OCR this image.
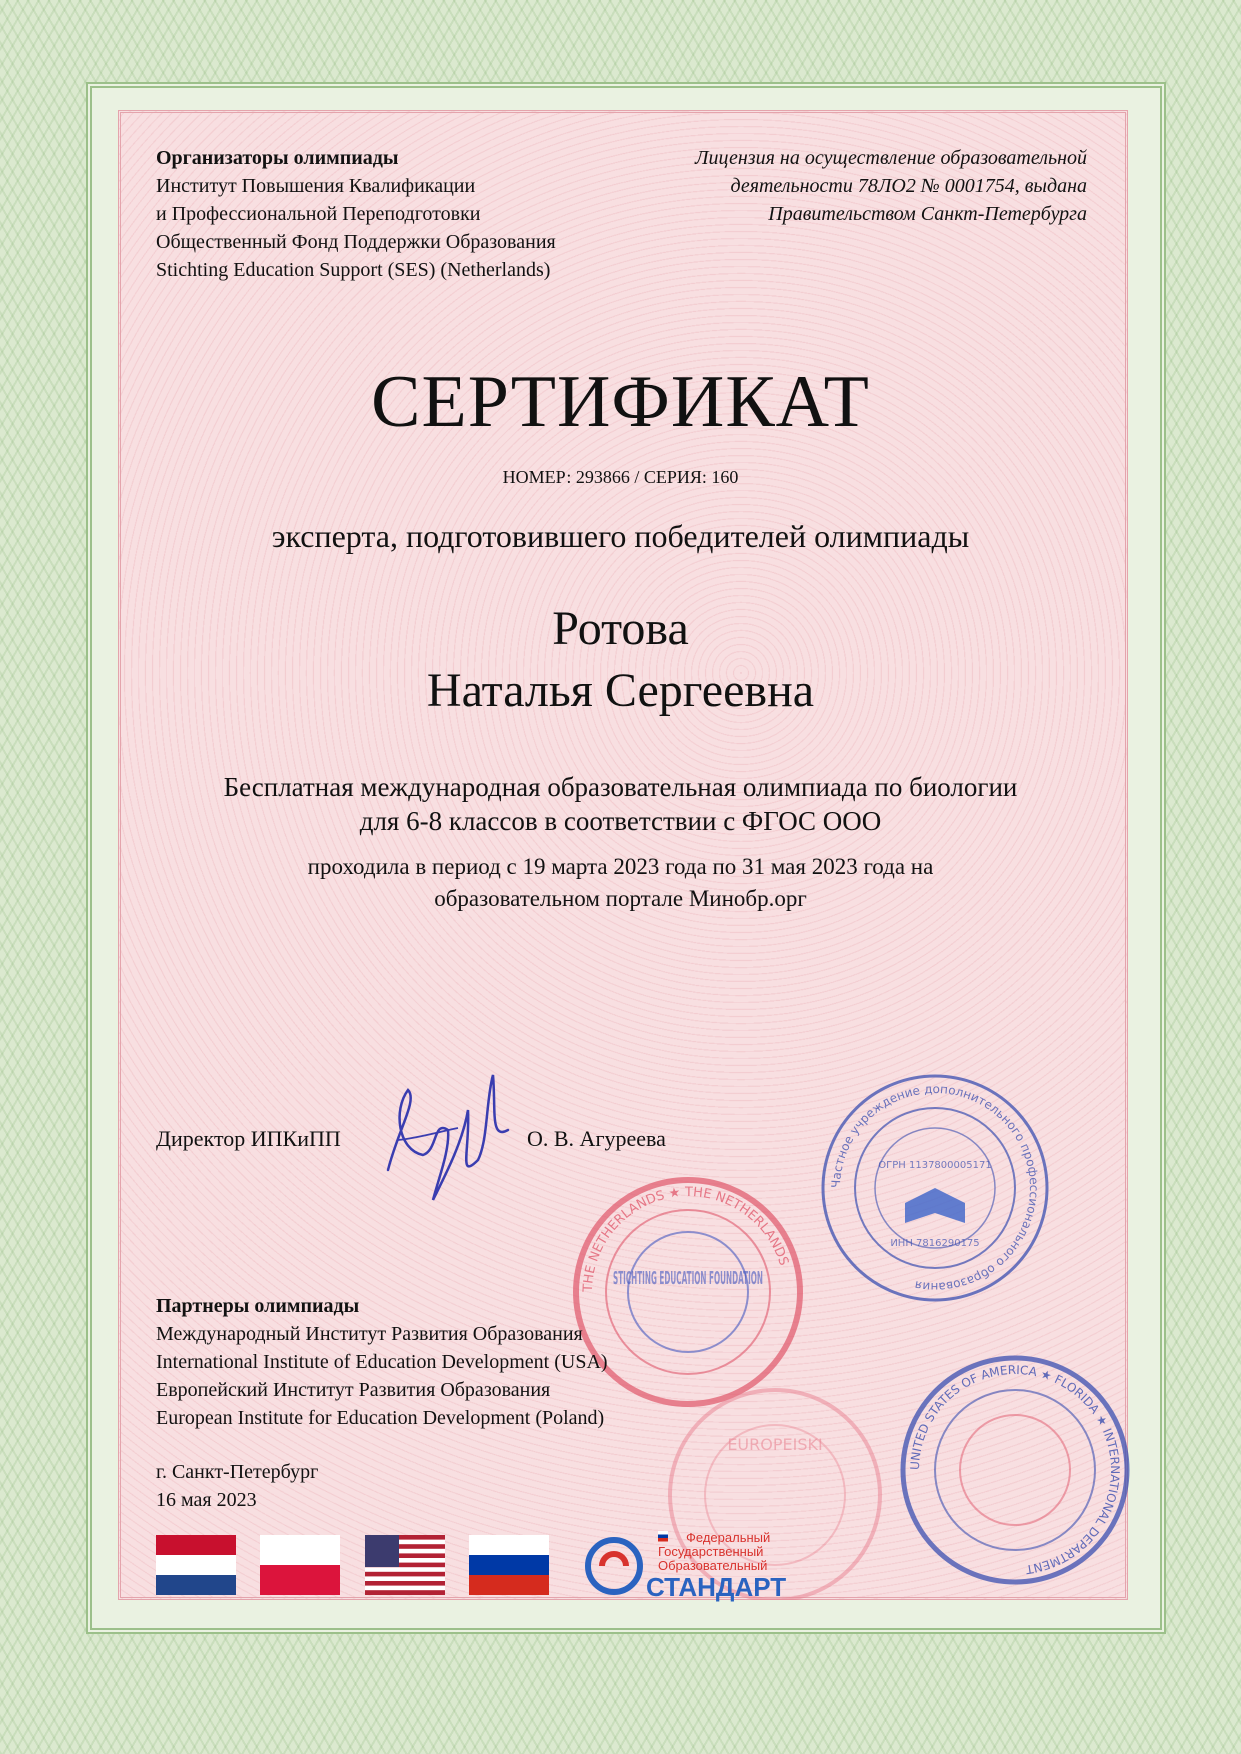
Организаторы олимпиады
Институт Повышения Квалификации
и Профессиональной Переподготовки
Общественный Фонд Поддержки Образования
Stichting Education Support (SES) (Netherlands)
Лицензия на осуществление образовательной
деятельности 78ЛО2 № 0001754, выдана
Правительством Санкт-Петербурга
СЕРТИФИКАТ
НОМЕР: 293866 / СЕРИЯ: 160
эксперта, подготовившего победителей олимпиады
Ротова
Наталья Сергеевна
Бесплатная международная образовательная олимпиада по биологии
для 6-8 классов в соответствии с ФГОС ООО
проходила в период с 19 марта 2023 года по 31 мая 2023 года на
образовательном портале Минобр.орг
Директор ИПКиПП	О. В. Агуреева
Частное учреждение дополнительного профессионального образования
ОГРН 1137800005171
ИНН 7816290175
THE NETHERLANDS ★ THE NETHERLANDS
STICHTING EDUCATION FOUNDATION
EUROPEISKI
UNITED STATES OF AMERICA ★ FLORIDA ★ INTERNATIONAL DEPARTMENT
Партнеры олимпиады
Международный Институт Развития Образования
International Institute of Education Development (USA)
Европейский Институт Развития Образования
European Institute for Education Development (Poland)
г. Санкт-Петербург
16 мая 2023
Федеральный
Государственный
Образовательный
СТАНДАРТ
